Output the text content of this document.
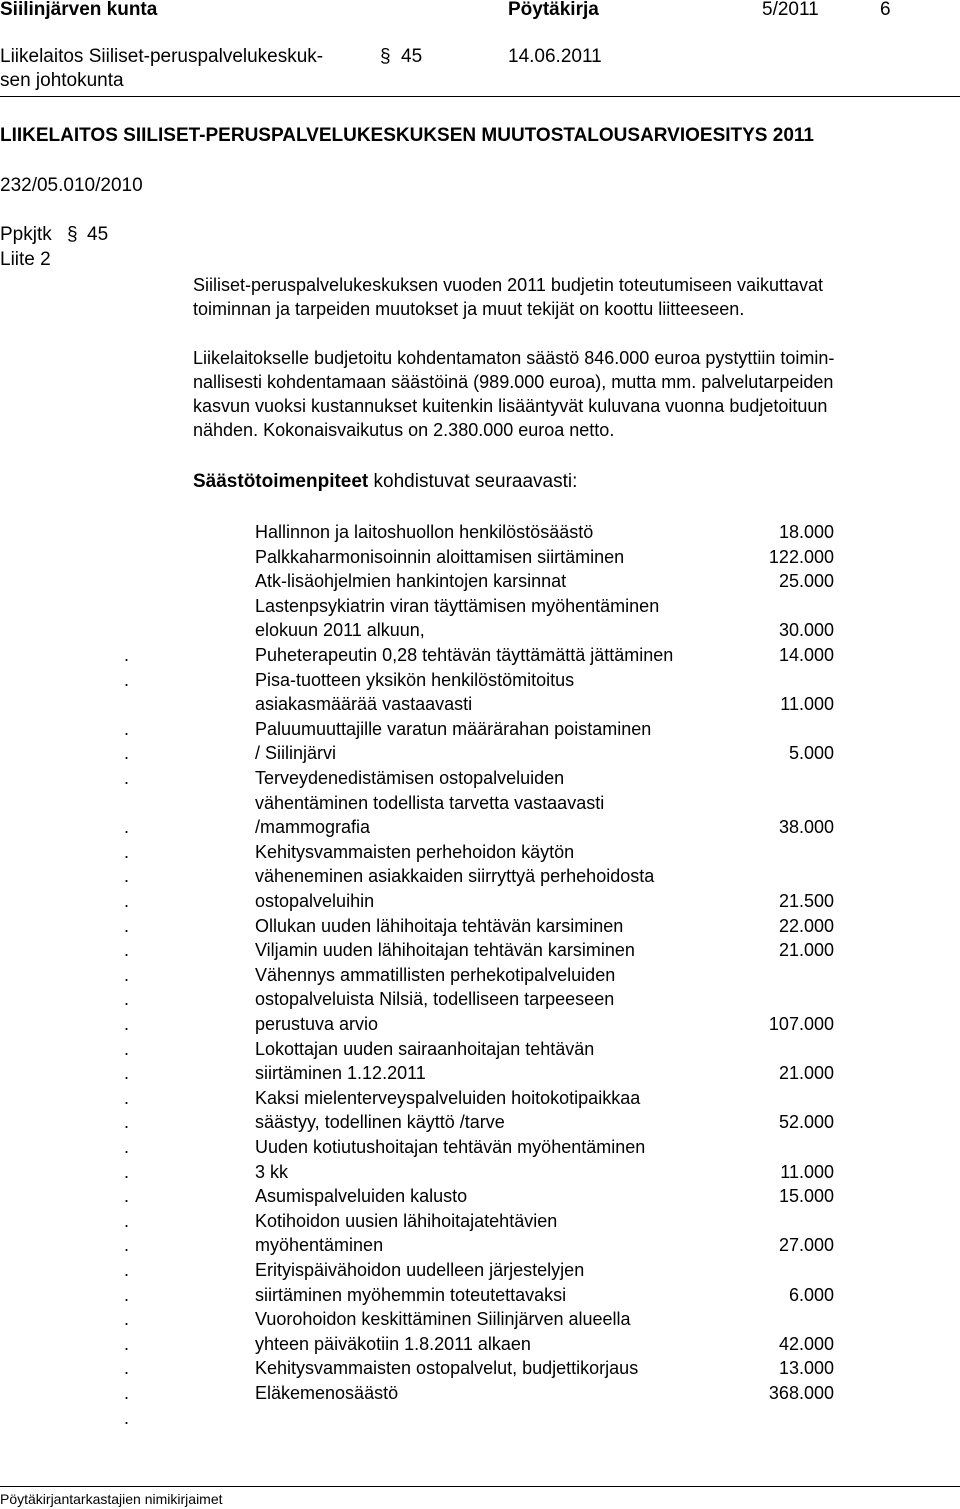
Siilinjärven kunta	Pöytäkirja	5/2011	6
Liikelaitos Siiliset-peruspalvelukeskuk-
sen johtokunta
§ 45	14.06.2011
LIIKELAITOS SIILISET-PERUSPALVELUKESKUKSEN MUUTOSTALOUSARVIOESITYS 2011
232/05.010/2010
Ppkjtk § 45
Liite 2
Siiliset-peruspalvelukeskuksen vuoden 2011 budjetin toteutumiseen vaikuttavat
toiminnan ja tarpeiden muutokset ja muut tekijät on koottu liitteeseen.
Liikelaitokselle budjetoitu kohdentamaton säästö 846.000 euroa pystyttiin toimin-
nallisesti kohdentamaan säästöinä (989.000 euroa), mutta mm. palvelutarpeiden
kasvun vuoksi kustannukset kuitenkin lisääntyvät kuluvana vuonna budjetoituun
nähden. Kokonaisvaikutus on 2.380.000 euroa netto.
Säästötoimenpiteet kohdistuvat seuraavasti:
Hallinnon ja laitoshuollon henkilöstösäästö	18.000
Palkkaharmonisoinnin aloittamisen siirtäminen	122.000
Atk-lisäohjelmien hankintojen karsinnat	25.000
Lastenpsykiatrin viran täyttämisen myöhentäminen
elokuun 2011 alkuun,	30.000
.	Puheterapeutin 0,28 tehtävän täyttämättä jättäminen	14.000
.	Pisa-tuotteen yksikön henkilöstömitoitus
asiakasmäärää vastaavasti	11.000
.	Paluumuuttajille varatun määrärahan poistaminen
.	/ Siilinjärvi	5.000
.	Terveydenedistämisen ostopalveluiden
vähentäminen todellista tarvetta vastaavasti
.	/mammografia	38.000
.	Kehitysvammaisten perhehoidon käytön
.	väheneminen asiakkaiden siirryttyä perhehoidosta
.	ostopalveluihin	21.500
.	Ollukan uuden lähihoitaja tehtävän karsiminen	22.000
.	Viljamin uuden lähihoitajan tehtävän karsiminen	21.000
.	Vähennys ammatillisten perhekotipalveluiden
.	ostopalveluista Nilsiä, todelliseen tarpeeseen
.	perustuva arvio	107.000
.	Lokottajan uuden sairaanhoitajan tehtävän
.	siirtäminen 1.12.2011	21.000
.	Kaksi mielenterveyspalveluiden hoitokotipaikkaa
.	säästyy, todellinen käyttö /tarve	52.000
.	Uuden kotiutushoitajan tehtävän myöhentäminen
.	3 kk	11.000
.	Asumispalveluiden kalusto	15.000
.	Kotihoidon uusien lähihoitajatehtävien
.	myöhentäminen	27.000
.	Erityispäivähoidon uudelleen järjestelyjen
.	siirtäminen myöhemmin toteutettavaksi	6.000
.	Vuorohoidon keskittäminen Siilinjärven alueella
.	yhteen päiväkotiin 1.8.2011 alkaen	42.000
.	Kehitysvammaisten ostopalvelut, budjettikorjaus	13.000
.	Eläkemenosäästö	368.000
.
Pöytäkirjantarkastajien nimikirjaimet
